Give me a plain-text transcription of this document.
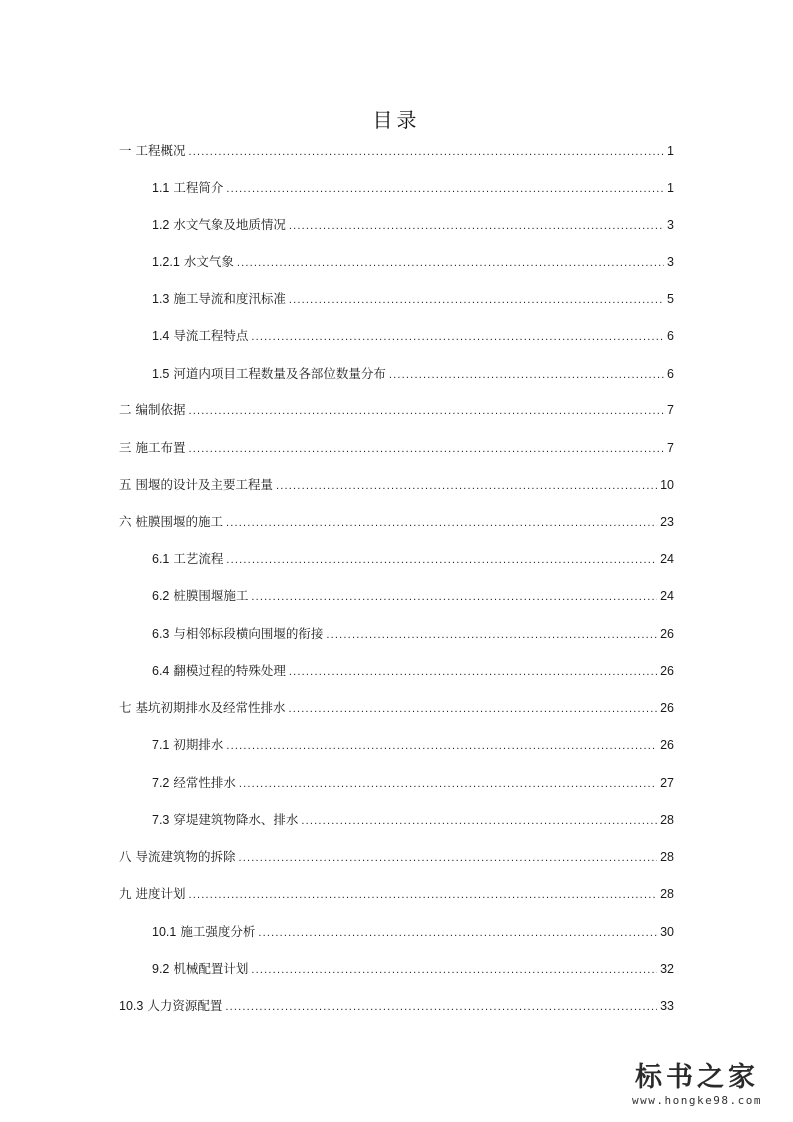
目录
一 工程概况 .....	1
1.1 工程简介 .....	1
1.2 水文气象及地质情况 .....	3
1.2.1 水文气象 .....	3
1.3 施工导流和度汛标准 .....	5
1.4 导流工程特点 .....	6
1.5 河道内项目工程数量及各部位数量分布 .....	6
二 编制依据 .....	7
三 施工布置 .....	7
五 围堰的设计及主要工程量 .....	10
六 桩膜围堰的施工 .....	23
6.1 工艺流程 .....	24
6.2 桩膜围堰施工 .....	24
6.3 与相邻标段横向围堰的衔接 .....	26
6.4 翻模过程的特殊处理 .....	26
七 基坑初期排水及经常性排水 .....	26
7.1 初期排水 .....	26
7.2 经常性排水 .....	27
7.3 穿堤建筑物降水、排水 .....	28
八 导流建筑物的拆除 .....	28
九 进度计划 .....	28
10.1 施工强度分析 .....	30
9.2 机械配置计划 .....	32
10.3 人力资源配置 .....	33
标书之家
www.hongke98.com
